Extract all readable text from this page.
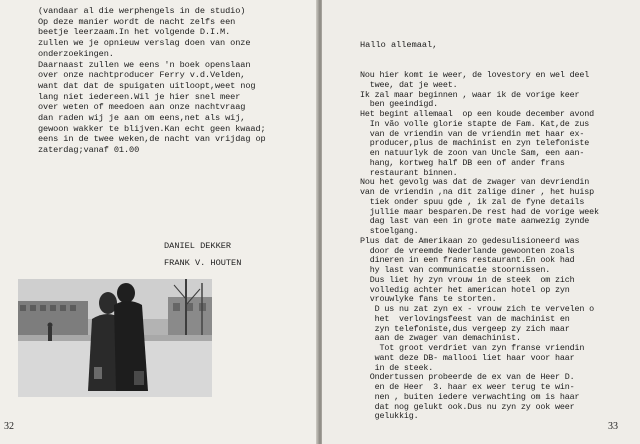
(vandaar al die werphengels in de studio)
Op deze manier wordt de nacht zelfs een
beetje leerzaam.In het volgende D.I.M.
zullen we je opnieuw verslag doen van onze
onderzoekingen.
Daarnaast zullen we eens 'n boek openslaan
over onze nachtproducer Ferry v.d.Velden,
want dat dat de spuigaten uitloopt,weet nog
lang niet iedereen.Wil je hier snel meer
over weten of meedoen aan onze nachtvraag
dan raden wij je aan om eens,net als wij,
gewoon wakker te blijven.Kan echt geen kwaad;
eens in de twee weken,de nacht van vrijdag op
zaterdag;vanaf 01.00
DANIEL DEKKER
FRANK V. HOUTEN
32
Hallo allemaal,
Nou hier komt ie weer, de lovestory en wel deel
twee, dat je weet.
Ik zal maar beginnen , waar ik de vorige keer
ben geeindigd.
Het begint allemaal  op een koude december avond
In vão volle glorie stapte de Fam. Kat,de zus
van de vriendin van de vriendin met haar ex-
producer,plus de machinist en zyn telefoniste
en natuurlyk de zoon van Uncle Sam, een aan-
hang, kortweg half DB een of ander frans
restaurant binnen.
Nou het gevolg was dat de zwager van devriendin
van de vriendin ,na dit zalige diner , het huisp
tiek onder spuu gde , ik zal de fyne details
jullie maar besparen.De rest had de vorige week
dag last van een in grote mate aanwezig zynde
stoelgang.
Plus dat de Amerikaan zo gedesulisioneerd was
door de vreemde Nederlande gewoonten zoals
dineren in een frans restaurant.En ook had
hy last van communicatie stoornissen.
Dus liet hy zyn vrouw in de steek  om zich
volledig achter het american hotel op zyn
vrouwlyke fans te storten.
D us nu zat zyn ex - vrouw zich te vervelen o
het  verlovingsfeest van de machinist en
zyn telefoniste,dus vergeep zy zich maar
aan de zwager van demachinist.
Tot groot verdriet van zyn franse vriendin
want deze DB- mallooi liet haar voor haar
in de steek.
Ondertussen probeerde de ex van de Heer D.
en de Heer  3. haar ex weer terug te win-
nen , buiten iedere verwachting om is haar
dat nog gelukt ook.Dus nu zyn zy ook weer
gelukkig.
33
